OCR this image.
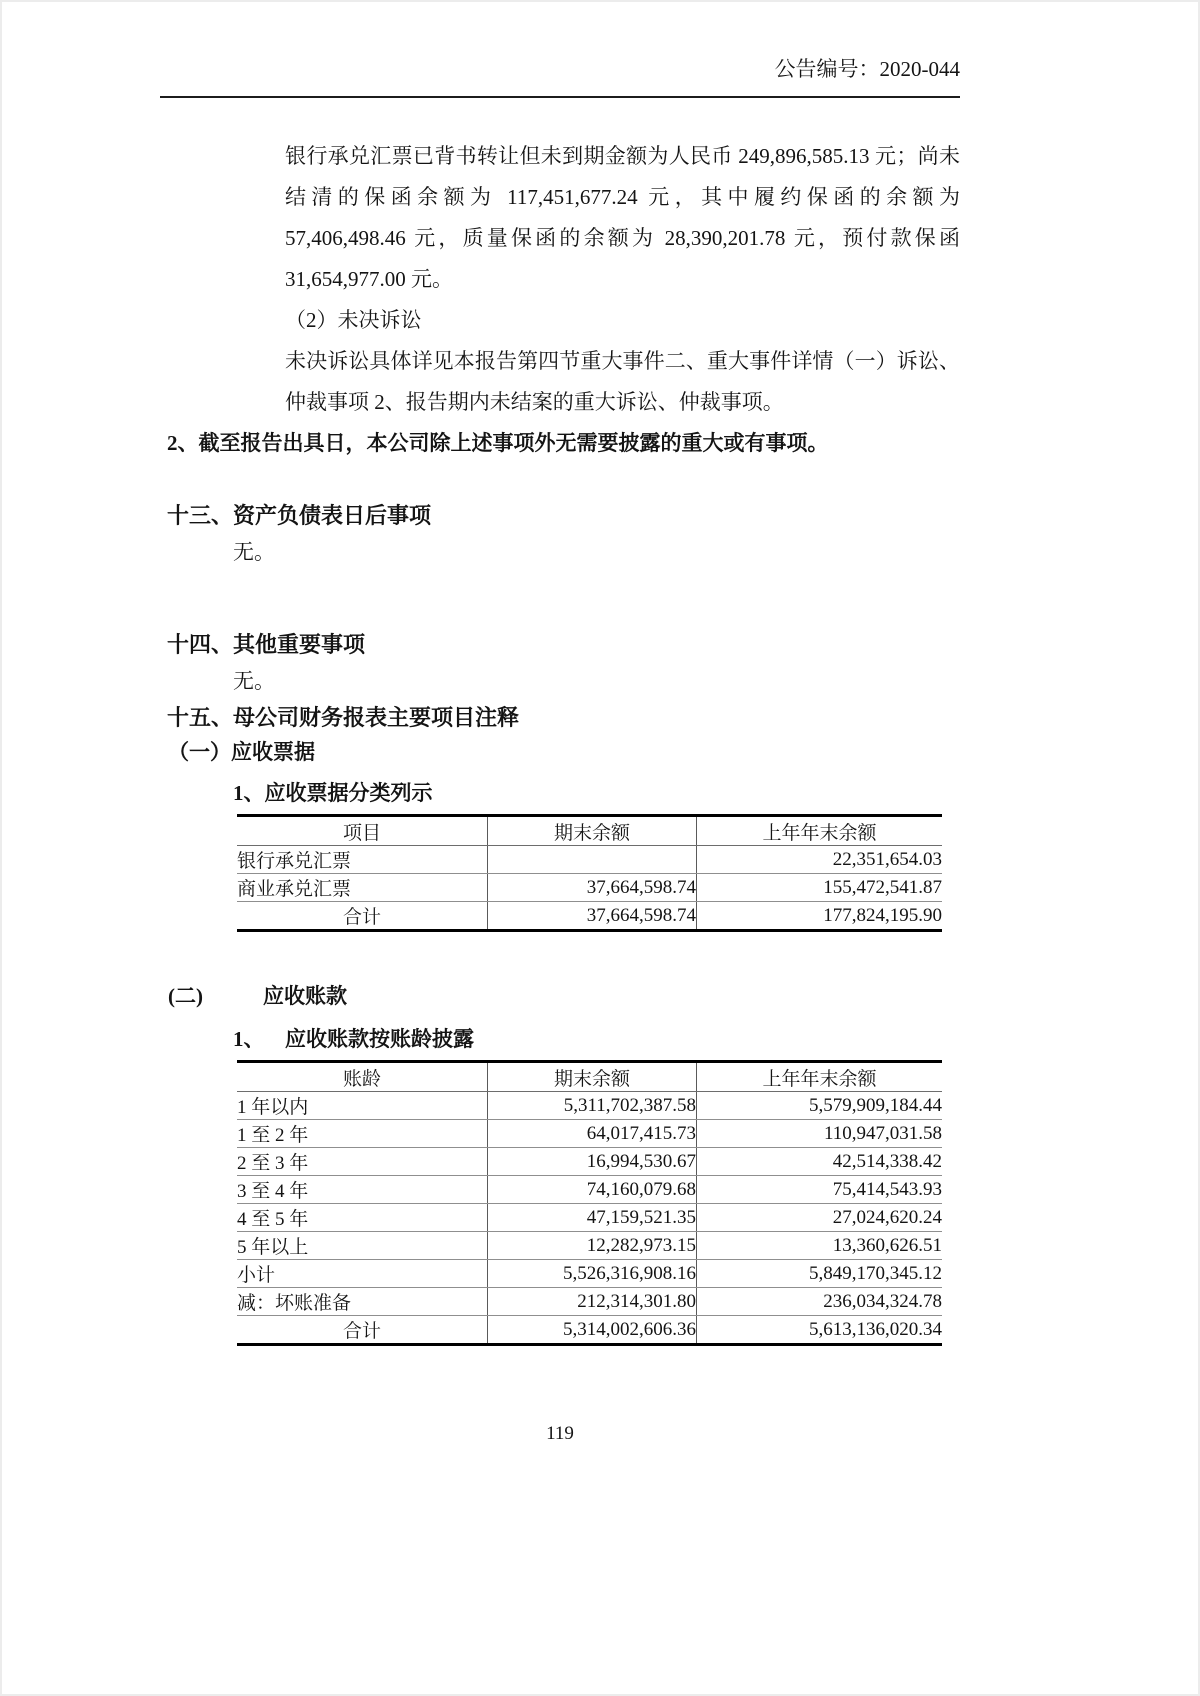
公告编号：2020-044

银行承兑汇票已背书转让但未到期金额为人民币 249,896,585.13 元；尚未结清的保函余额为 117,451,677.24 元，其中履约保函的余额为 57,406,498.46 元，质量保函的余额为 28,390,201.78 元，预付款保函 31,654,977.00 元。

（2）未决诉讼

未决诉讼具体详见本报告第四节重大事件二、重大事件详情（一）诉讼、仲裁事项 2、报告期内未结案的重大诉讼、仲裁事项。

2、截至报告出具日，本公司除上述事项外无需要披露的重大或有事项。

十三、资产负债表日后事项

无。

十四、其他重要事项

无。

十五、母公司财务报表主要项目注释
（一）应收票据
1、应收票据分类列示
项目	期末余额	上年年末余额
银行承兑汇票		22,351,654.03
商业承兑汇票	37,664,598.74	155,472,541.87
合计	37,664,598.74	177,824,195.90
(二)	应收账款
1、 应收账款按账龄披露
账龄	期末余额	上年年末余额
1 年以内	5,311,702,387.58	5,579,909,184.44
1 至 2 年	64,017,415.73	110,947,031.58
2 至 3 年	16,994,530.67	42,514,338.42
3 至 4 年	74,160,079.68	75,414,543.93
4 至 5 年	47,159,521.35	27,024,620.24
5 年以上	12,282,973.15	13,360,626.51
小计	5,526,316,908.16	5,849,170,345.12
减：坏账准备	212,314,301.80	236,034,324.78
合计	5,314,002,606.36	5,613,136,020.34
119
